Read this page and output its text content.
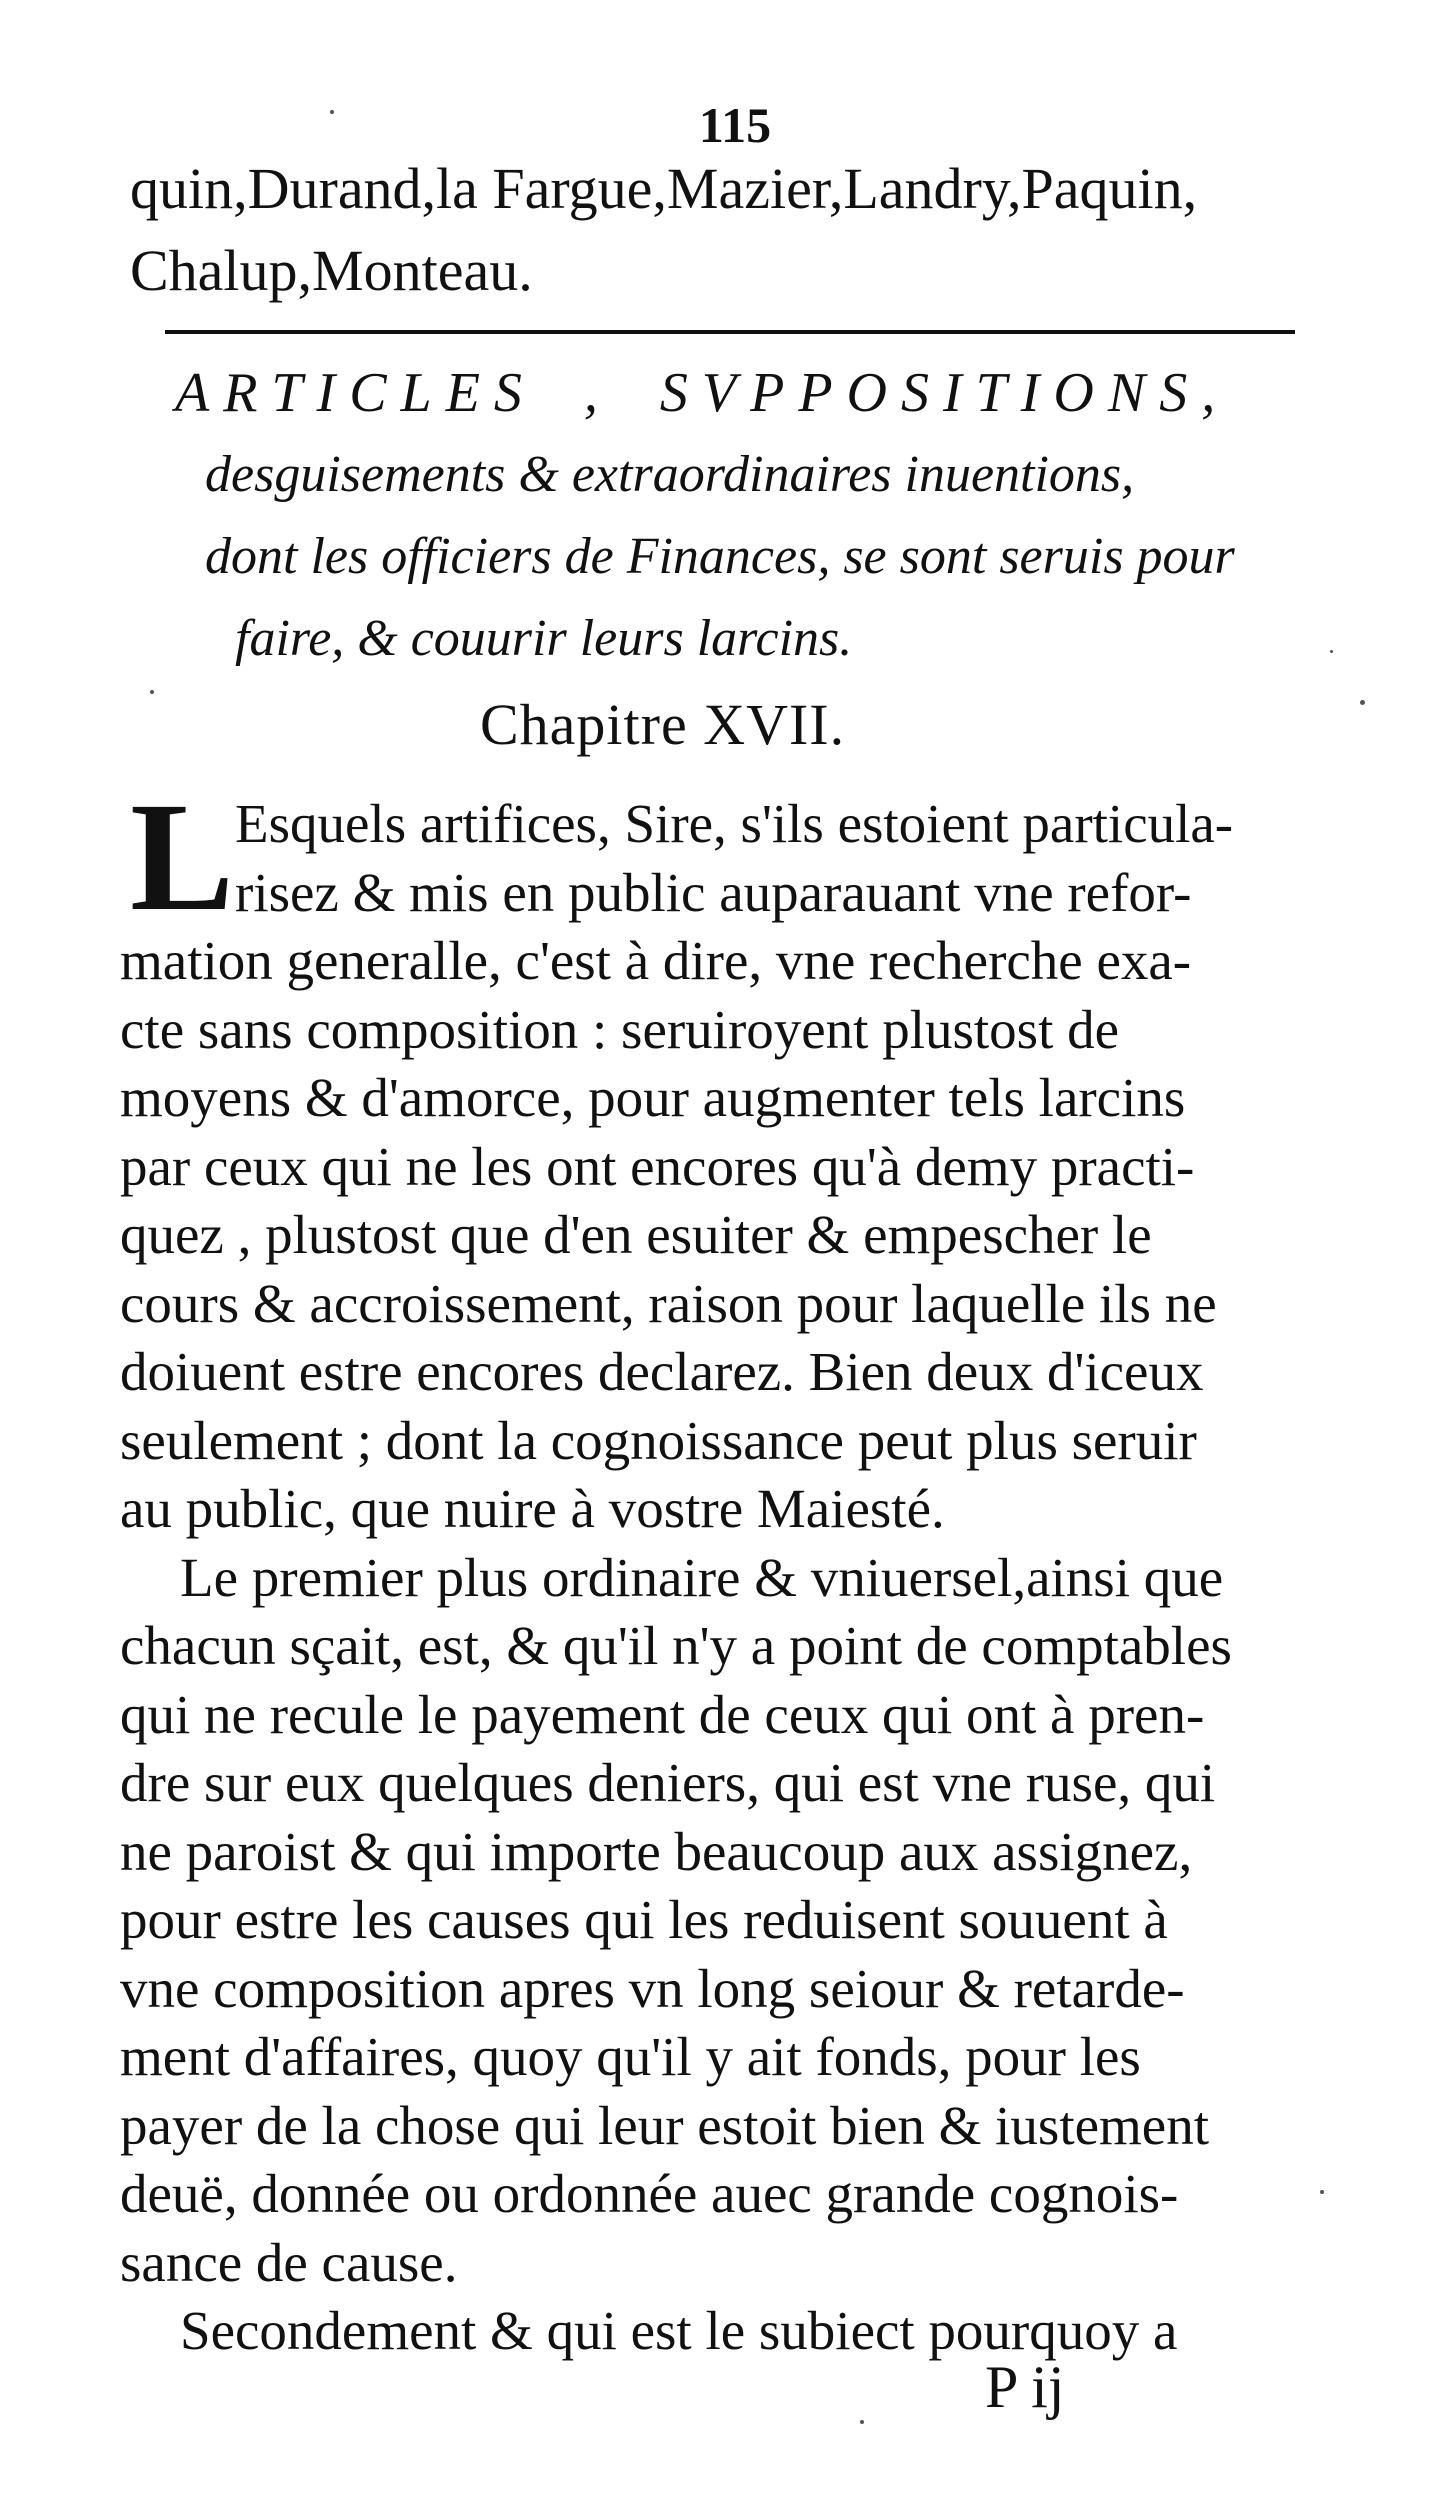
115
quin,Durand,la Fargue,Mazier,Landry,Paquin,
Chalup,Monteau.
ARTICLES , SVPPOSITIONS,
desguisements & extraordinaires inuentions,
dont les officiers de Finances, se sont seruis pour
faire, & couurir leurs larcins.
Chapitre XVII.
L Esquels artifices, Sire, s'ils estoient particula-
risez & mis en public auparauant vne refor-
mation generalle, c'est à dire, vne recherche exa-
cte sans composition : seruiroyent plustost de
moyens & d'amorce, pour augmenter tels larcins
par ceux qui ne les ont encores qu'à demy practi-
quez , plustost que d'en esuiter & empescher le
cours & accroissement, raison pour laquelle ils ne
doiuent estre encores declarez. Bien deux d'iceux
seulement ; dont la cognoissance peut plus seruir
au public, que nuire à vostre Maiesté.
Le premier plus ordinaire & vniuersel,ainsi que
chacun sçait, est, & qu'il n'y a point de comptables
qui ne recule le payement de ceux qui ont à pren-
dre sur eux quelques deniers, qui est vne ruse, qui
ne paroist & qui importe beaucoup aux assignez,
pour estre les causes qui les reduisent souuent à
vne composition apres vn long seiour & retarde-
ment d'affaires, quoy qu'il y ait fonds, pour les
payer de la chose qui leur estoit bien & iustement
deuë, donnée ou ordonnée auec grande cognois-
sance de cause.
Secondement & qui est le subiect pourquoy a
P ij
